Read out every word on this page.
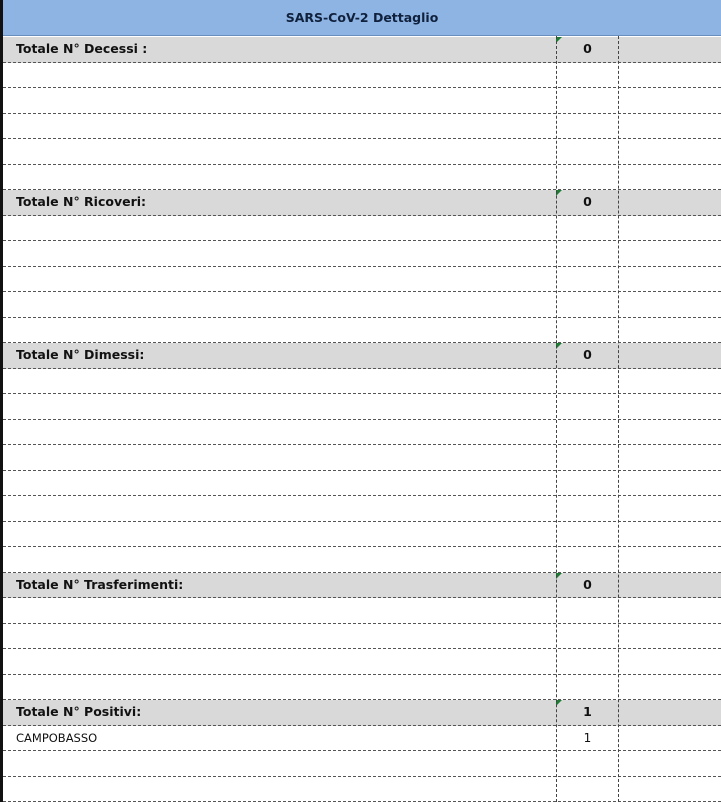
SARS-CoV-2 Dettaglio
Totale N° Decessi :	0
Totale N° Ricoveri:	0
Totale N° Dimessi:	0
Totale N° Trasferimenti:	0
Totale N° Positivi:	1
CAMPOBASSO	1
